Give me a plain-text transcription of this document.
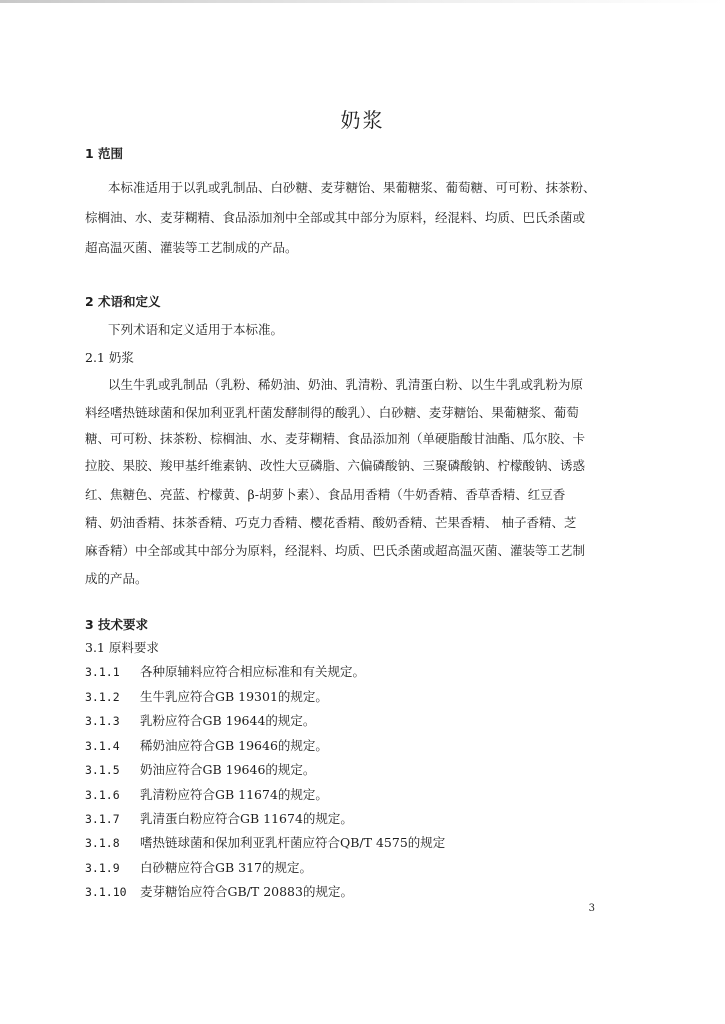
奶浆
1 范围
本标准适用于以乳或乳制品、白砂糖、麦芽糖饴、果葡糖浆、葡萄糖、可可粉、抹茶粉、
棕榈油、水、麦芽糊精、食品添加剂中全部或其中部分为原料，经混料、均质、巴氏杀菌或
超高温灭菌、灌装等工艺制成的产品。
2 术语和定义
下列术语和定义适用于本标准。
2.1 奶浆
以生牛乳或乳制品（乳粉、稀奶油、奶油、乳清粉、乳清蛋白粉、以生牛乳或乳粉为原
料经嗜热链球菌和保加利亚乳杆菌发酵制得的酸乳）、白砂糖、麦芽糖饴、果葡糖浆、葡萄
糖、可可粉、抹茶粉、棕榈油、水、麦芽糊精、食品添加剂（单硬脂酸甘油酯、瓜尔胶、卡
拉胶、果胶、羧甲基纤维素钠、改性大豆磷脂、六偏磷酸钠、三聚磷酸钠、柠檬酸钠、诱惑
红、焦糖色、亮蓝、柠檬黄、β-胡萝卜素）、食品用香精（牛奶香精、香草香精、红豆香
精、奶油香精、抹茶香精、巧克力香精、樱花香精、酸奶香精、芒果香精、 柚子香精、芝
麻香精）中全部或其中部分为原料，经混料、均质、巴氏杀菌或超高温灭菌、灌装等工艺制
成的产品。
3 技术要求
3.1 原料要求
3.1.1 各种原辅料应符合相应标准和有关规定。
3.1.2 生牛乳应符合GB 19301的规定。
3.1.3 乳粉应符合GB 19644的规定。
3.1.4 稀奶油应符合GB 19646的规定。
3.1.5 奶油应符合GB 19646的规定。
3.1.6 乳清粉应符合GB 11674的规定。
3.1.7 乳清蛋白粉应符合GB 11674的规定。
3.1.8 嗜热链球菌和保加利亚乳杆菌应符合QB/T 4575的规定
3.1.9 白砂糖应符合GB 317的规定。
3.1.10 麦芽糖饴应符合GB/T 20883的规定。
3
